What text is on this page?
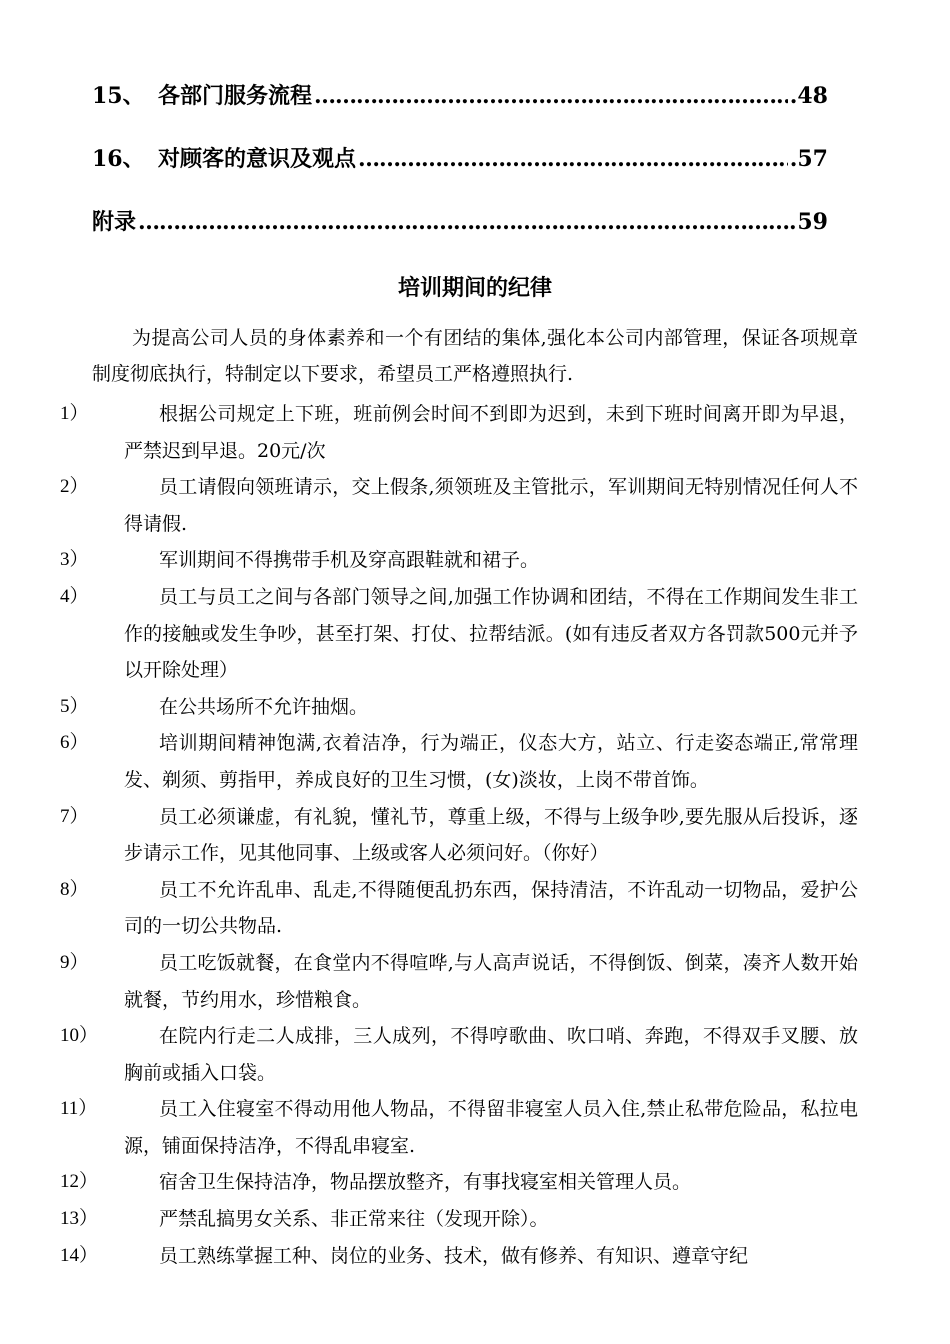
15、 各部门服务流程 …………………………………………………………………………………………………………………………………………	.48
16、 对顾客的意识及观点 …………………………………………………………………………………………………………………………………………	.57
附录 …………………………………………………………………………………………………………………………………………	59
培训期间的纪律
为提高公司人员的身体素养和一个有团结的集体,强化本公司内部管理，保证各项规章制度彻底执行，特制定以下要求，希望员工严格遵照执行.
1）	根据公司规定上下班，班前例会时间不到即为迟到，未到下班时间离开即为早退，严禁迟到早退。20元/次
2）	员工请假向领班请示，交上假条,须领班及主管批示，军训期间无特别情况任何人不得请假.
3）	军训期间不得携带手机及穿高跟鞋就和裙子。
4）	员工与员工之间与各部门领导之间,加强工作协调和团结，不得在工作期间发生非工作的接触或发生争吵，甚至打架、打仗、拉帮结派。(如有违反者双方各罚款500元并予以开除处理）
5）	在公共场所不允许抽烟。
6）	培训期间精神饱满,衣着洁净，行为端正，仪态大方，站立、行走姿态端正,常常理发、剃须、剪指甲，养成良好的卫生习惯，(女)淡妆，上岗不带首饰。
7）	员工必须谦虚，有礼貌，懂礼节，尊重上级，不得与上级争吵,要先服从后投诉，逐步请示工作，见其他同事、上级或客人必须问好。（你好）
8）	员工不允许乱串、乱走,不得随便乱扔东西，保持清洁，不许乱动一切物品，爱护公司的一切公共物品.
9）	员工吃饭就餐，在食堂内不得喧哗,与人高声说话，不得倒饭、倒菜，凑齐人数开始就餐，节约用水，珍惜粮食。
10）	在院内行走二人成排，三人成列，不得哼歌曲、吹口哨、奔跑，不得双手叉腰、放胸前或插入口袋。
11）	员工入住寝室不得动用他人物品，不得留非寝室人员入住,禁止私带危险品，私拉电源，铺面保持洁净，不得乱串寝室.
12）	宿舍卫生保持洁净，物品摆放整齐，有事找寝室相关管理人员。
13）	严禁乱搞男女关系、非正常来往（发现开除）。
14）	员工熟练掌握工种、岗位的业务、技术，做有修养、有知识、遵章守纪
